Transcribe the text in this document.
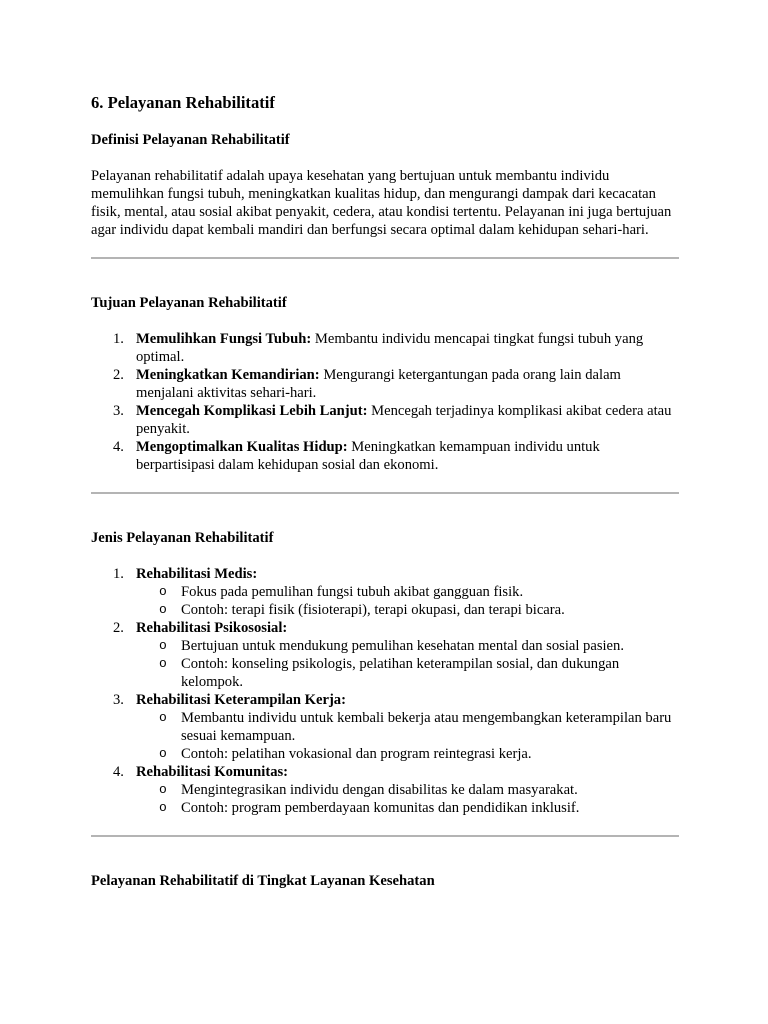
6. Pelayanan Rehabilitatif
Definisi Pelayanan Rehabilitatif

Pelayanan rehabilitatif adalah upaya kesehatan yang bertujuan untuk membantu individu memulihkan fungsi tubuh, meningkatkan kualitas hidup, dan mengurangi dampak dari kecacatan fisik, mental, atau sosial akibat penyakit, cedera, atau kondisi tertentu. Pelayanan ini juga bertujuan agar individu dapat kembali mandiri dan berfungsi secara optimal dalam kehidupan sehari-hari.

Tujuan Pelayanan Rehabilitatif
1. Memulihkan Fungsi Tubuh: Membantu individu mencapai tingkat fungsi tubuh yang optimal.
2. Meningkatkan Kemandirian: Mengurangi ketergantungan pada orang lain dalam menjalani aktivitas sehari-hari.
3. Mencegah Komplikasi Lebih Lanjut: Mencegah terjadinya komplikasi akibat cedera atau penyakit.
4. Mengoptimalkan Kualitas Hidup: Meningkatkan kemampuan individu untuk berpartisipasi dalam kehidupan sosial dan ekonomi.
Jenis Pelayanan Rehabilitatif
1. Rehabilitasi Medis:
o Fokus pada pemulihan fungsi tubuh akibat gangguan fisik.
o Contoh: terapi fisik (fisioterapi), terapi okupasi, dan terapi bicara.
2. Rehabilitasi Psikososial:
o Bertujuan untuk mendukung pemulihan kesehatan mental dan sosial pasien.
o Contoh: konseling psikologis, pelatihan keterampilan sosial, dan dukungan kelompok.
3. Rehabilitasi Keterampilan Kerja:
o Membantu individu untuk kembali bekerja atau mengembangkan keterampilan baru sesuai kemampuan.
o Contoh: pelatihan vokasional dan program reintegrasi kerja.
4. Rehabilitasi Komunitas:
o Mengintegrasikan individu dengan disabilitas ke dalam masyarakat.
o Contoh: program pemberdayaan komunitas dan pendidikan inklusif.
Pelayanan Rehabilitatif di Tingkat Layanan Kesehatan
